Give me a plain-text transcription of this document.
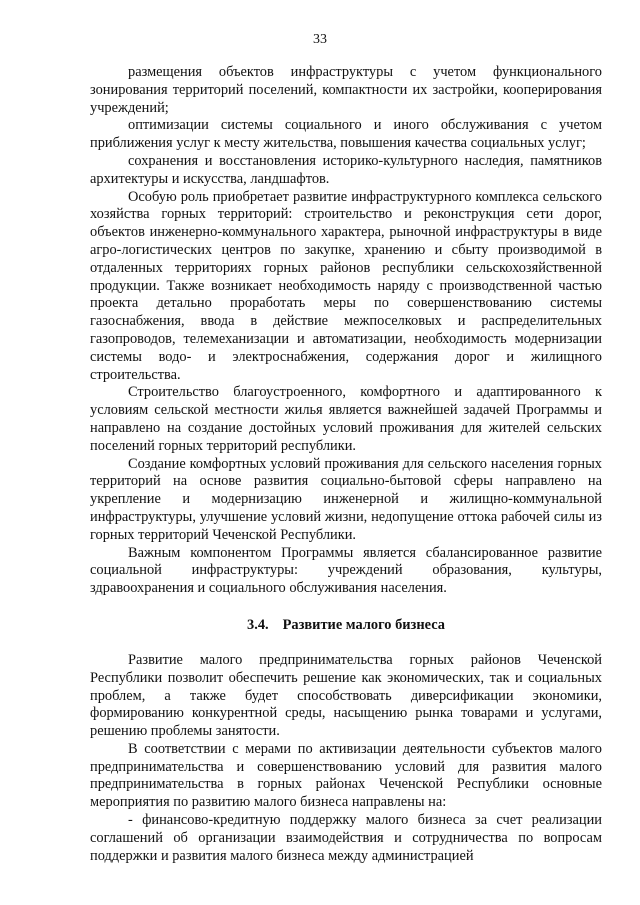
33

размещения объектов инфраструктуры с учетом функционального зонирования территорий поселений, компактности их застройки, кооперирования учреждений;

оптимизации системы социального и иного обслуживания с учетом приближения услуг к месту жительства, повышения качества социальных услуг;

сохранения и восстановления историко-культурного наследия, памятников архитектуры и искусства, ландшафтов.

Особую роль приобретает развитие инфраструктурного комплекса сельского хозяйства горных территорий: строительство и реконструкция сети дорог, объектов инженерно-коммунального характера, рыночной инфраструктуры в виде агро-логистических центров по закупке, хранению и сбыту производимой в отдаленных территориях горных районов республики сельскохозяйственной продукции. Также возникает необходимость наряду с производственной частью проекта детально проработать меры по совершенствованию системы газоснабжения, ввода в действие межпоселковых и распределительных газопроводов, телемеханизации и автоматизации, необходимость модернизации системы водо- и электроснабжения, содержания дорог и жилищного строительства.

Строительство благоустроенного, комфортного и адаптированного к условиям сельской местности жилья является важнейшей задачей Программы и направлено на создание достойных условий проживания для жителей сельских поселений горных территорий республики.

Создание комфортных условий проживания для сельского населения горных территорий на основе развития социально-бытовой сферы направлено на укрепление и модернизацию инженерной и жилищно-коммунальной инфраструктуры, улучшение условий жизни, недопущение оттока рабочей силы из горных территорий Чеченской Республики.

Важным компонентом Программы является сбалансированное развитие социальной инфраструктуры: учреждений образования, культуры, здравоохранения и социального обслуживания населения.

3.4. Развитие малого бизнеса

Развитие малого предпринимательства горных районов Чеченской Республики позволит обеспечить решение как экономических, так и социальных проблем, а также будет способствовать диверсификации экономики, формированию конкурентной среды, насыщению рынка товарами и услугами, решению проблемы занятости.

В соответствии с мерами по активизации деятельности субъектов малого предпринимательства и совершенствованию условий для развития малого предпринимательства в горных районах Чеченской Республики основные мероприятия по развитию малого бизнеса направлены на:

- финансово-кредитную поддержку малого бизнеса за счет реализации соглашений об организации взаимодействия и сотрудничества по вопросам поддержки и развития малого бизнеса между администрацией
